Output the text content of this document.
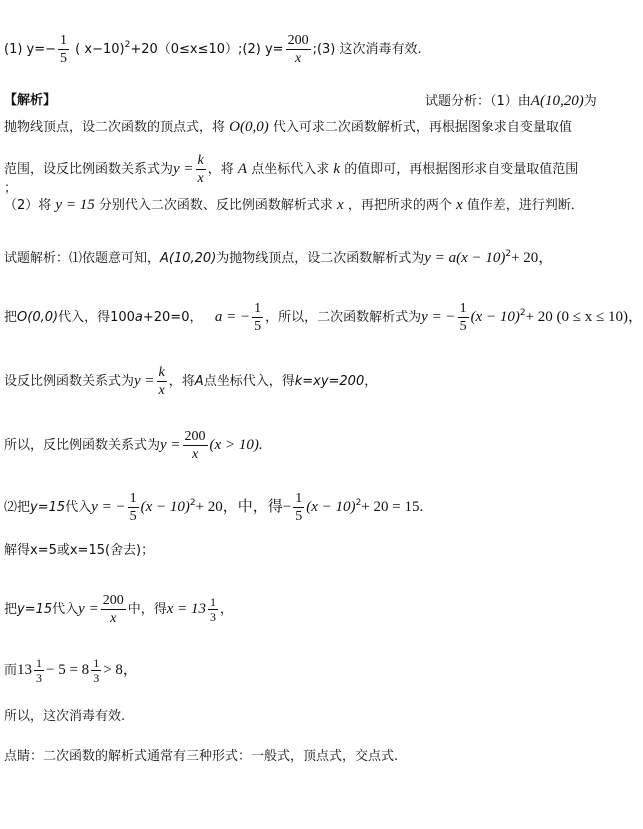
(1) $y=- \frac{1}{5}$ ( x−10)$^2$+20（0≤x≤10）;(2) $y= \frac{200}{x}$ ;(3) 这次消毒有效.
【解析】	试题分析：（1）由A(10,20)为
抛物线顶点，设二次函数的顶点式，将 O(0,0) 代入可求二次函数解析式，再根据图象求自变量取值
范围，设反比例函数关系式为$y = \frac{k}{x}$ ，将 A 点坐标代入求 k 的值即可，再根据图形求自变量取值范围
；
（2）将 y = 15 分别代入二次函数、反比例函数解析式求 x ，再把所求的两个 x 值作差，进行判断．
试题解析：⑴依题意可知，A(10,20)为抛物线顶点，设二次函数解析式为$y = a(x - 10)^2+ 20$，
把O(0,0)代入，得100a+20=0， a = − $\frac{1}{5}$ ，所以，二次函数解析式为y = − $\frac{1}{5} (x - 10)^2+ 20$ (0 ≤ x ≤ 10)，
设反比例函数关系式为$y = \frac{k}{x}$ ，将A点坐标代入，得k=xy=200，
所以，反比例函数关系式为$y = \frac{200}{x} (x > 10)$.
⑵把y=15代入y = − $\frac{1}{5} (x - 10)^2+ 20$，中，得− $\frac{1}{5} (x - 10)^2+ 20 = 15$.
解得x=5或x=15(舍去)；
把y=15代入$y = \frac{200}{x}$ 中，得$x = 13 \frac{1}{3}$ ，
而$13 \frac{1}{3} - 5 = 8 \frac{1}{3} > 8$，
所以，这次消毒有效.
点睛：二次函数的解析式通常有三种形式：一般式，顶点式，交点式.
